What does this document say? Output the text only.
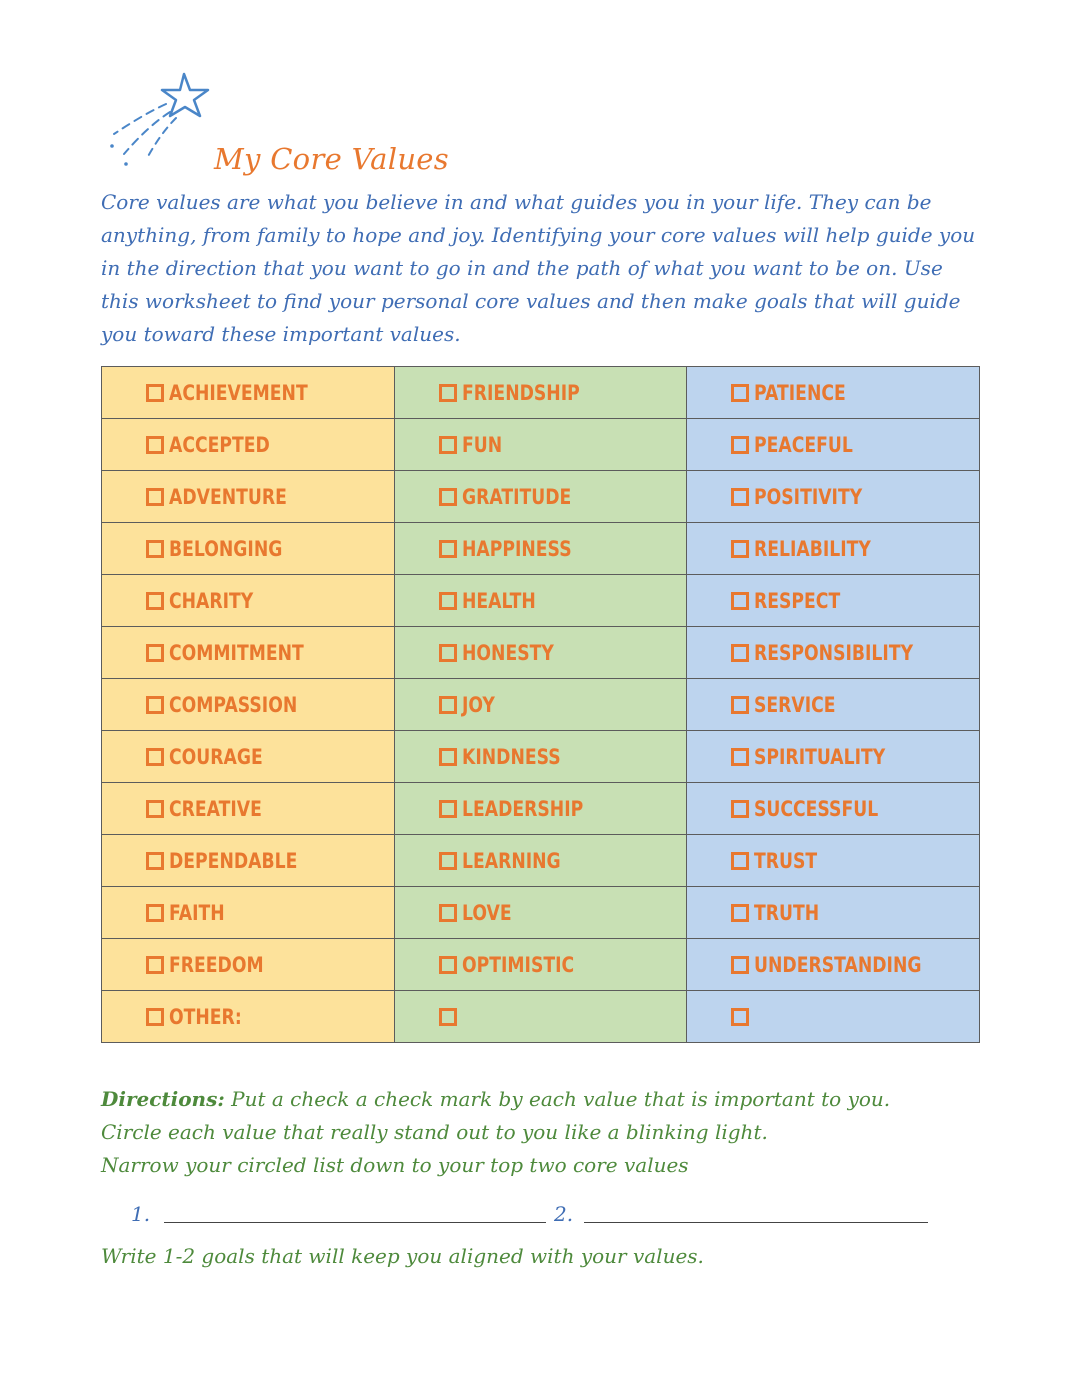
My Core Values

Core values are what you believe in and what guides you in your life. They can be anything, from family to hope and joy. Identifying your core values will help guide you in the direction that you want to go in and the path of what you want to be on. Use this worksheet to find your personal core values and then make goals that will guide you toward these important values.

ACHIEVEMENT	FRIENDSHIP	PATIENCE

ACCEPTED	FUN	PEACEFUL

ADVENTURE	GRATITUDE	POSITIVITY

BELONGING	HAPPINESS	RELIABILITY

CHARITY	HEALTH	RESPECT

COMMITMENT	HONESTY	RESPONSIBILITY

COMPASSION	JOY	SERVICE

COURAGE	KINDNESS	SPIRITUALITY

CREATIVE	LEADERSHIP	SUCCESSFUL

DEPENDABLE	LEARNING	TRUST

FAITH	LOVE	TRUTH

FREEDOM	OPTIMISTIC	UNDERSTANDING

OTHER:		

Directions: Put a check a check mark by each value that is important to you.

Circle each value that really stand out to you like a blinking light.

Narrow your circled list down to your top two core values

1.	2.

Write 1-2 goals that will keep you aligned with your values.
